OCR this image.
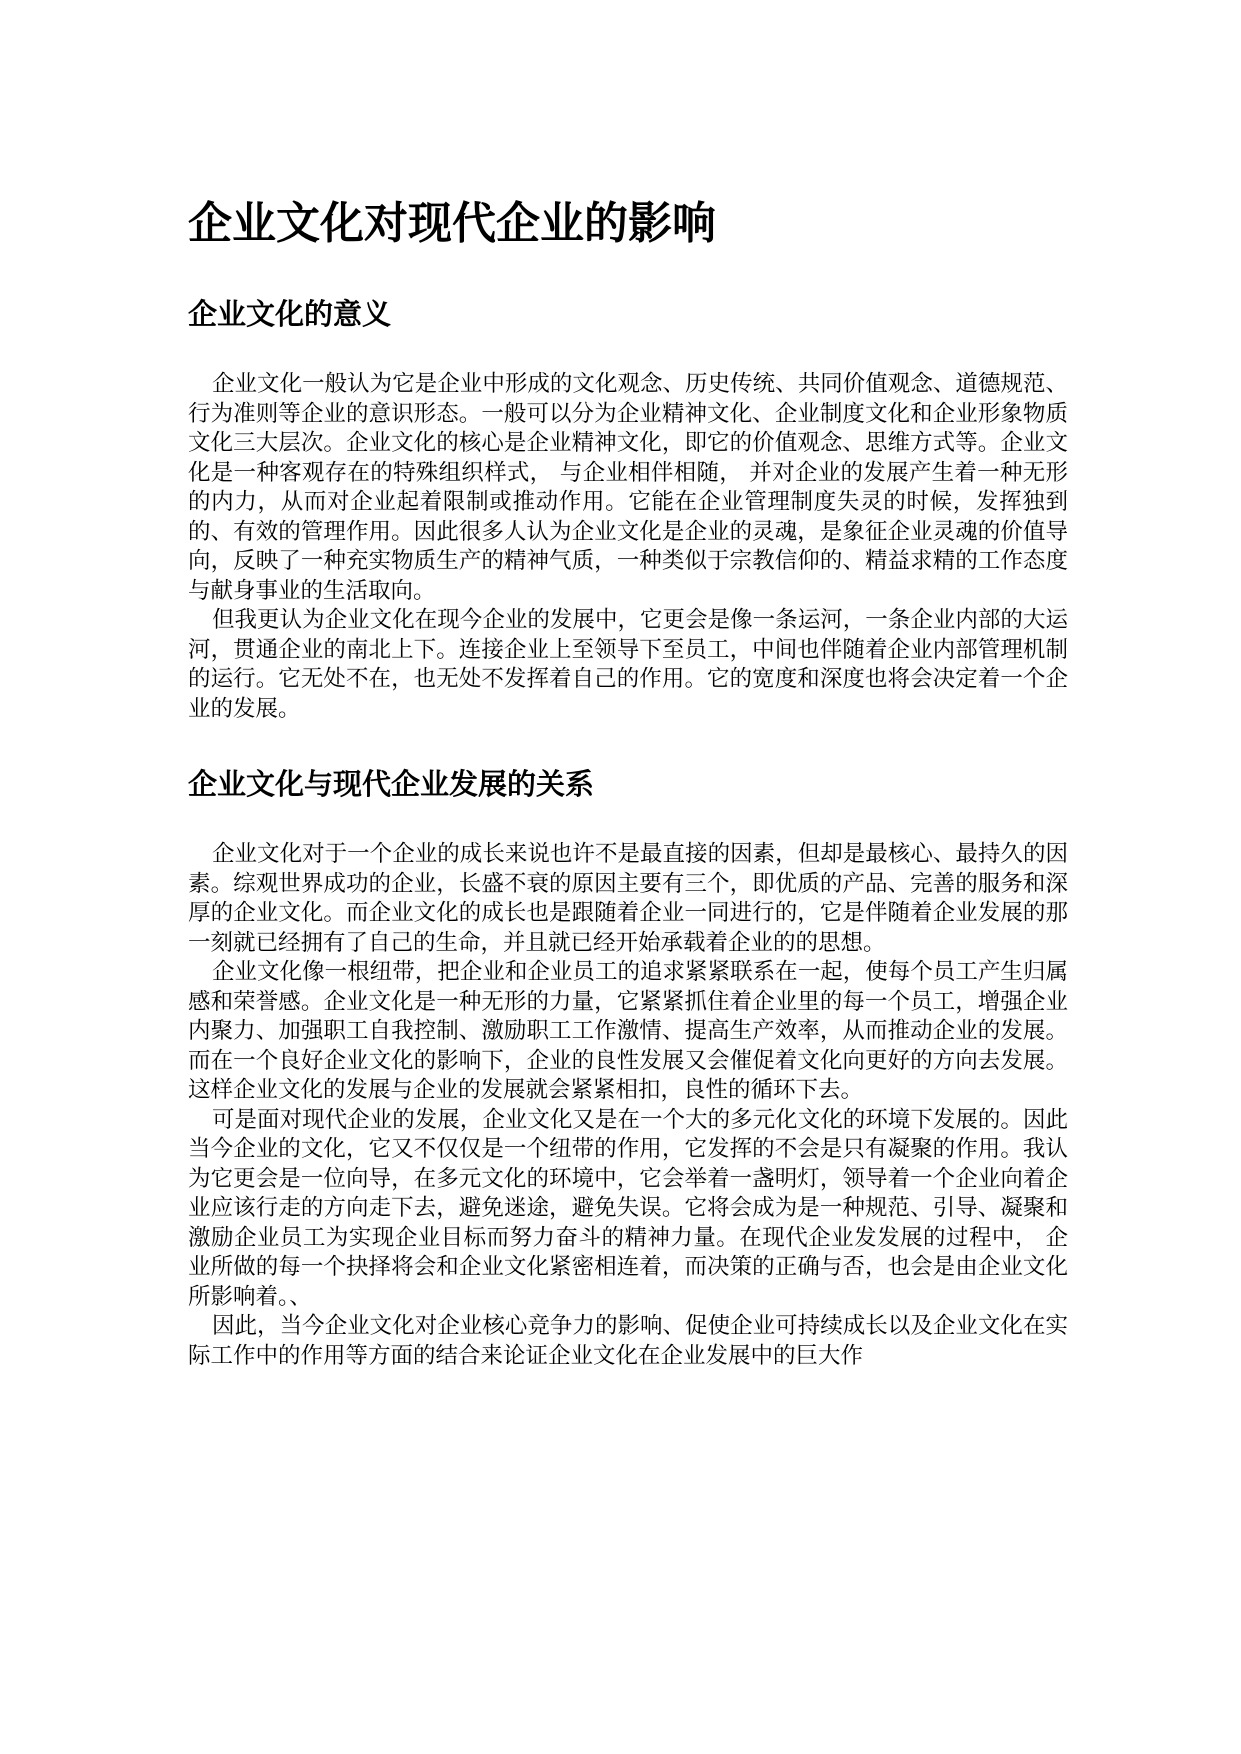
企业文化对现代企业的影响
企业文化的意义

企业文化一般认为它是企业中形成的文化观念、历史传统、共同价值观念、道德规范、行为准则等企业的意识形态。一般可以分为企业精神文化、企业制度文化和企业形象物质文化三大层次。企业文化的核心是企业精神文化，即它的价值观念、思维方式等。企业文化是一种客观存在的特殊组织样式， 与企业相伴相随， 并对企业的发展产生着一种无形的内力，从而对企业起着限制或推动作用。它能在企业管理制度失灵的时候，发挥独到的、有效的管理作用。因此很多人认为企业文化是企业的灵魂，是象征企业灵魂的价值导向，反映了一种充实物质生产的精神气质，一种类似于宗教信仰的、精益求精的工作态度与献身事业的生活取向。

但我更认为企业文化在现今企业的发展中，它更会是像一条运河，一条企业内部的大运河，贯通企业的南北上下。连接企业上至领导下至员工，中间也伴随着企业内部管理机制的运行。它无处不在，也无处不发挥着自己的作用。它的宽度和深度也将会决定着一个企业的发展。

企业文化与现代企业发展的关系

企业文化对于一个企业的成长来说也许不是最直接的因素，但却是最核心、最持久的因素。综观世界成功的企业，长盛不衰的原因主要有三个，即优质的产品、完善的服务和深厚的企业文化。而企业文化的成长也是跟随着企业一同进行的，它是伴随着企业发展的那一刻就已经拥有了自己的生命，并且就已经开始承载着企业的的思想。

企业文化像一根纽带，把企业和企业员工的追求紧紧联系在一起，使每个员工产生归属感和荣誉感。企业文化是一种无形的力量，它紧紧抓住着企业里的每一个员工，增强企业内聚力、加强职工自我控制、激励职工工作激情、提高生产效率，从而推动企业的发展。而在一个良好企业文化的影响下，企业的良性发展又会催促着文化向更好的方向去发展。这样企业文化的发展与企业的发展就会紧紧相扣，良性的循环下去。

可是面对现代企业的发展，企业文化又是在一个大的多元化文化的环境下发展的。因此当今企业的文化，它又不仅仅是一个纽带的作用，它发挥的不会是只有凝聚的作用。我认为它更会是一位向导，在多元文化的环境中，它会举着一盏明灯，领导着一个企业向着企业应该行走的方向走下去，避免迷途，避免失误。它将会成为是一种规范、引导、凝聚和激励企业员工为实现企业目标而努力奋斗的精神力量。在现代企业发发展的过程中， 企业所做的每一个抉择将会和企业文化紧密相连着，而决策的正确与否，也会是由企业文化所影响着。、

因此，当今企业文化对企业核心竞争力的影响、促使企业可持续成长以及企业文化在实际工作中的作用等方面的结合来论证企业文化在企业发展中的巨大作
